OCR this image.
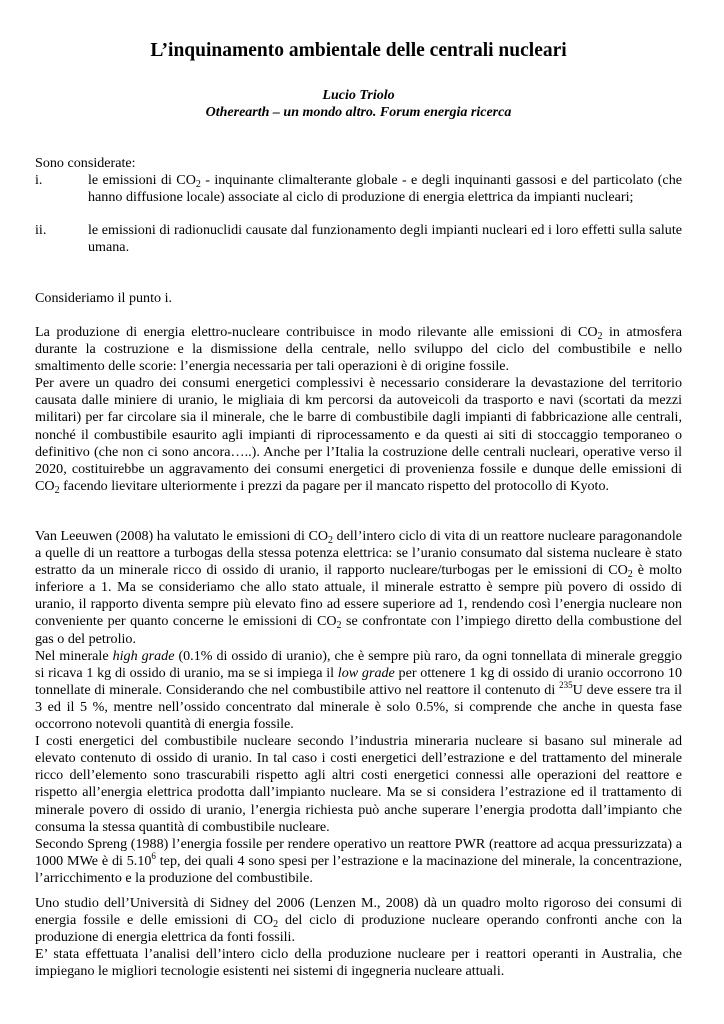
L’inquinamento ambientale delle centrali nucleari
Lucio Triolo
Otherearth – un mondo altro. Forum energia ricerca

Sono considerate:

i.	le emissioni di $CO_2$ - inquinante climalterante globale - e degli inquinanti gassosi e del particolato (che hanno diffusione locale) associate al ciclo di produzione di energia elettrica da impianti nucleari;
ii.	le emissioni di radionuclidi causate dal funzionamento degli impianti nucleari ed i loro effetti sulla salute umana.

Consideriamo il punto i.

La produzione di energia elettro-nucleare contribuisce in modo rilevante alle emissioni di $CO_2$ in atmosfera durante la costruzione e la dismissione della centrale, nello sviluppo del ciclo del combustibile e nello smaltimento delle scorie: l’energia necessaria per tali operazioni è di origine fossile.

Per avere un quadro dei consumi energetici complessivi è necessario considerare la devastazione del territorio causata dalle miniere di uranio, le migliaia di km percorsi da autoveicoli da trasporto e navi (scortati da mezzi militari) per far circolare sia il minerale, che le barre di combustibile dagli impianti di fabbricazione alle centrali, nonché il combustibile esaurito agli impianti di riprocessamento e da questi ai siti di stoccaggio temporaneo o definitivo (che non ci sono ancora…..). Anche per l’Italia la costruzione delle centrali nucleari, operative verso il 2020, costituirebbe un aggravamento dei consumi energetici di provenienza fossile e dunque delle emissioni di $CO_2$ facendo lievitare ulteriormente i prezzi da pagare per il mancato rispetto del protocollo di Kyoto.

Van Leeuwen (2008) ha valutato le emissioni di $CO_2$ dell’intero ciclo di vita di un reattore nucleare paragonandole a quelle di un reattore a turbogas della stessa potenza elettrica: se l’uranio consumato dal sistema nucleare è stato estratto da un minerale ricco di ossido di uranio, il rapporto nucleare/turbogas per le emissioni di $CO_2$ è molto inferiore a 1. Ma se consideriamo che allo stato attuale, il minerale estratto è sempre più povero di ossido di uranio, il rapporto diventa sempre più elevato fino ad essere superiore ad 1, rendendo così l’energia nucleare non conveniente per quanto concerne le emissioni di $CO_2$ se confrontate con l’impiego diretto della combustione del gas o del petrolio.

Nel minerale high grade (0.1% di ossido di uranio), che è sempre più raro, da ogni tonnellata di minerale greggio si ricava 1 kg di ossido di uranio, ma se si impiega il low grade per ottenere 1 kg di ossido di uranio occorrono 10 tonnellate di minerale. Considerando che nel combustibile attivo nel reattore il contenuto di $^{235}$U deve essere tra il 3 ed il 5 %, mentre nell’ossido concentrato dal minerale è solo 0.5%, si comprende che anche in questa fase occorrono notevoli quantità di energia fossile.

I costi energetici del combustibile nucleare secondo l’industria mineraria nucleare si basano sul minerale ad elevato contenuto di ossido di uranio. In tal caso i costi energetici dell’estrazione e del trattamento del minerale ricco dell’elemento sono trascurabili rispetto agli altri costi energetici connessi alle operazioni del reattore e rispetto all’energia elettrica prodotta dall’impianto nucleare. Ma se si considera l’estrazione ed il trattamento di minerale povero di ossido di uranio, l’energia richiesta può anche superare l’energia prodotta dall’impianto che consuma la stessa quantità di combustibile nucleare.

Secondo Spreng (1988) l’energia fossile per rendere operativo un reattore PWR (reattore ad acqua pressurizzata) a 1000 MWe è di 5.10$^6$ tep, dei quali 4 sono spesi per l’estrazione e la macinazione del minerale, la concentrazione, l’arricchimento e la produzione del combustibile.

Uno studio dell’Università di Sidney del 2006 (Lenzen M., 2008) dà un quadro molto rigoroso dei consumi di energia fossile e delle emissioni di $CO_2$ del ciclo di produzione nucleare operando confronti anche con la produzione di energia elettrica da fonti fossili.

E’ stata effettuata l’analisi dell’intero ciclo della produzione nucleare per i reattori operanti in Australia, che impiegano le migliori tecnologie esistenti nei sistemi di ingegneria nucleare attuali.
